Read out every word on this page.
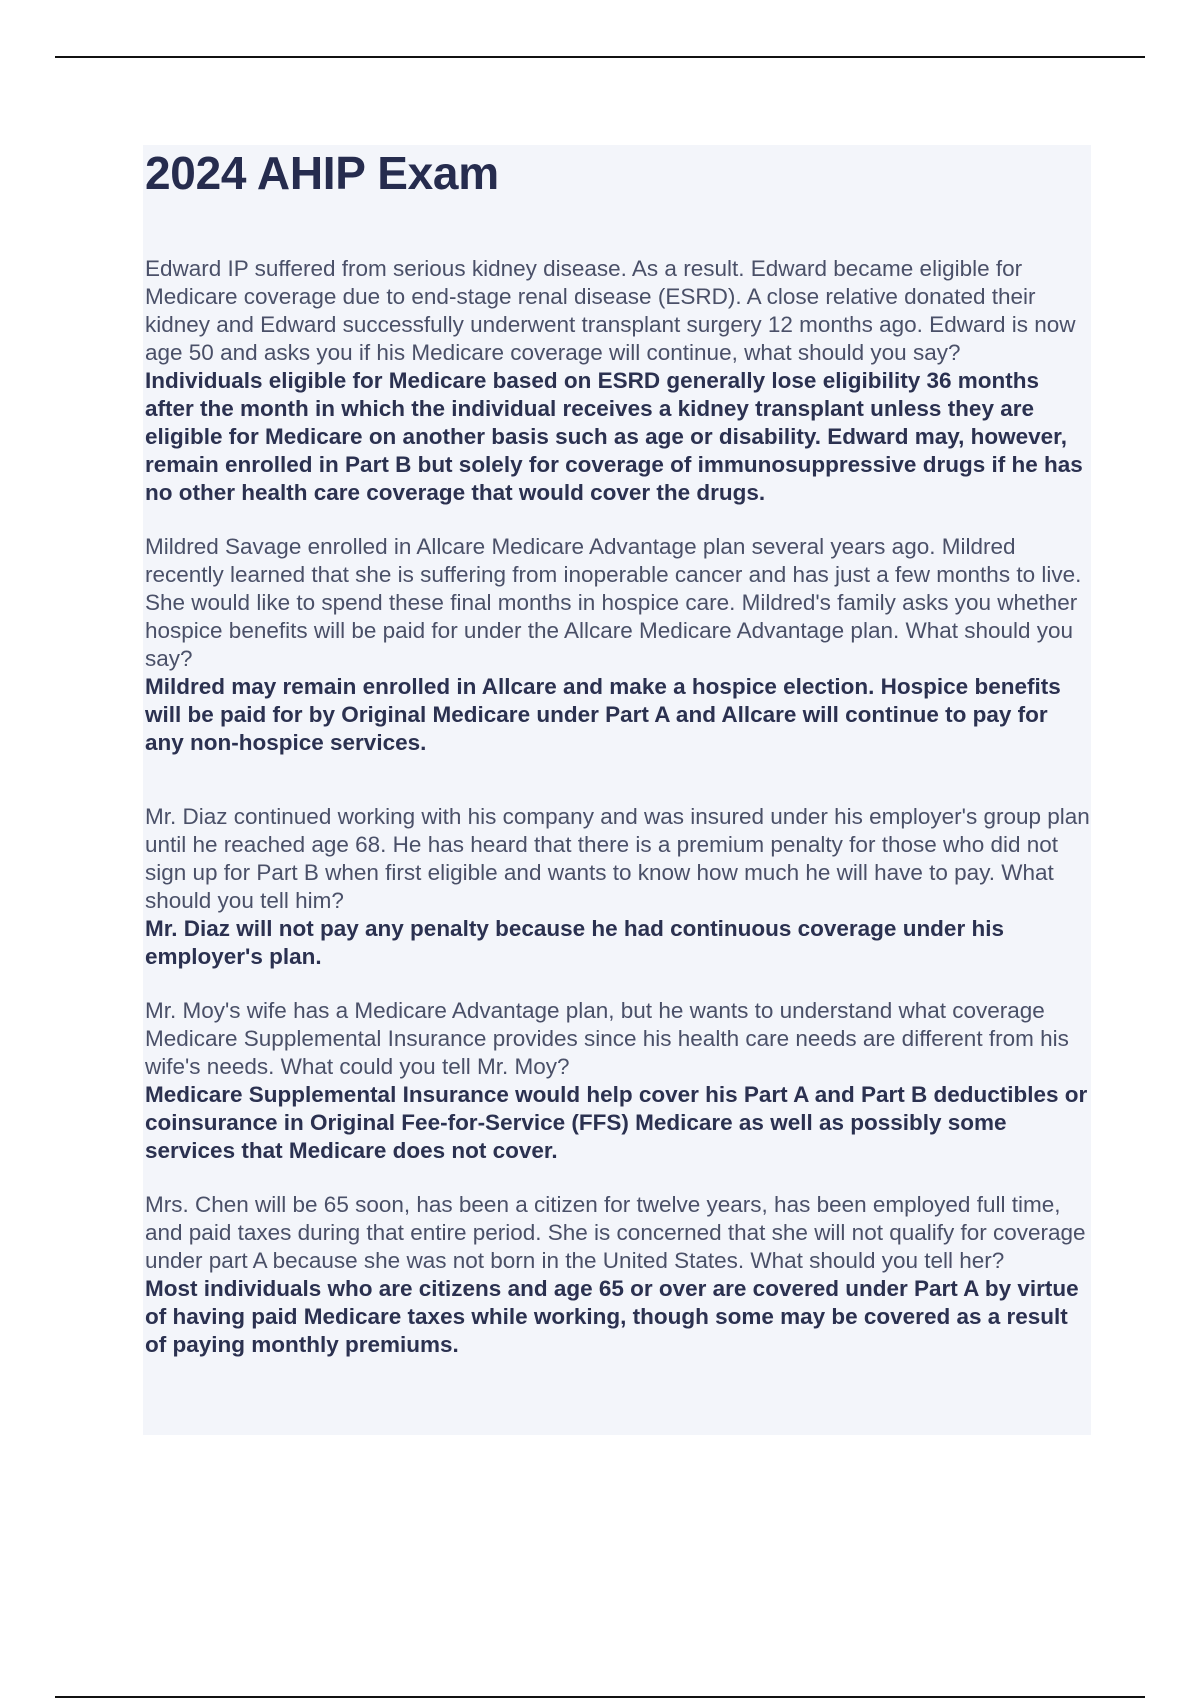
2024 AHIP Exam

Edward IP suffered from serious kidney disease. As a result. Edward became eligible for Medicare coverage due to end-stage renal disease (ESRD). A close relative donated their kidney and Edward successfully underwent transplant surgery 12 months ago. Edward is now age 50 and asks you if his Medicare coverage will continue, what should you say?

Individuals eligible for Medicare based on ESRD generally lose eligibility 36 months after the month in which the individual receives a kidney transplant unless they are eligible for Medicare on another basis such as age or disability. Edward may, however, remain enrolled in Part B but solely for coverage of immunosuppressive drugs if he has no other health care coverage that would cover the drugs.

Mildred Savage enrolled in Allcare Medicare Advantage plan several years ago. Mildred recently learned that she is suffering from inoperable cancer and has just a few months to live. She would like to spend these final months in hospice care. Mildred's family asks you whether hospice benefits will be paid for under the Allcare Medicare Advantage plan. What should you say?

Mildred may remain enrolled in Allcare and make a hospice election. Hospice benefits will be paid for by Original Medicare under Part A and Allcare will continue to pay for any non-hospice services.

Mr. Diaz continued working with his company and was insured under his employer's group plan until he reached age 68. He has heard that there is a premium penalty for those who did not sign up for Part B when first eligible and wants to know how much he will have to pay. What should you tell him?

Mr. Diaz will not pay any penalty because he had continuous coverage under his employer's plan.

Mr. Moy's wife has a Medicare Advantage plan, but he wants to understand what coverage Medicare Supplemental Insurance provides since his health care needs are different from his wife's needs. What could you tell Mr. Moy?

Medicare Supplemental Insurance would help cover his Part A and Part B deductibles or coinsurance in Original Fee-for-Service (FFS) Medicare as well as possibly some services that Medicare does not cover.

Mrs. Chen will be 65 soon, has been a citizen for twelve years, has been employed full time, and paid taxes during that entire period. She is concerned that she will not qualify for coverage under part A because she was not born in the United States. What should you tell her?

Most individuals who are citizens and age 65 or over are covered under Part A by virtue of having paid Medicare taxes while working, though some may be covered as a result of paying monthly premiums.
